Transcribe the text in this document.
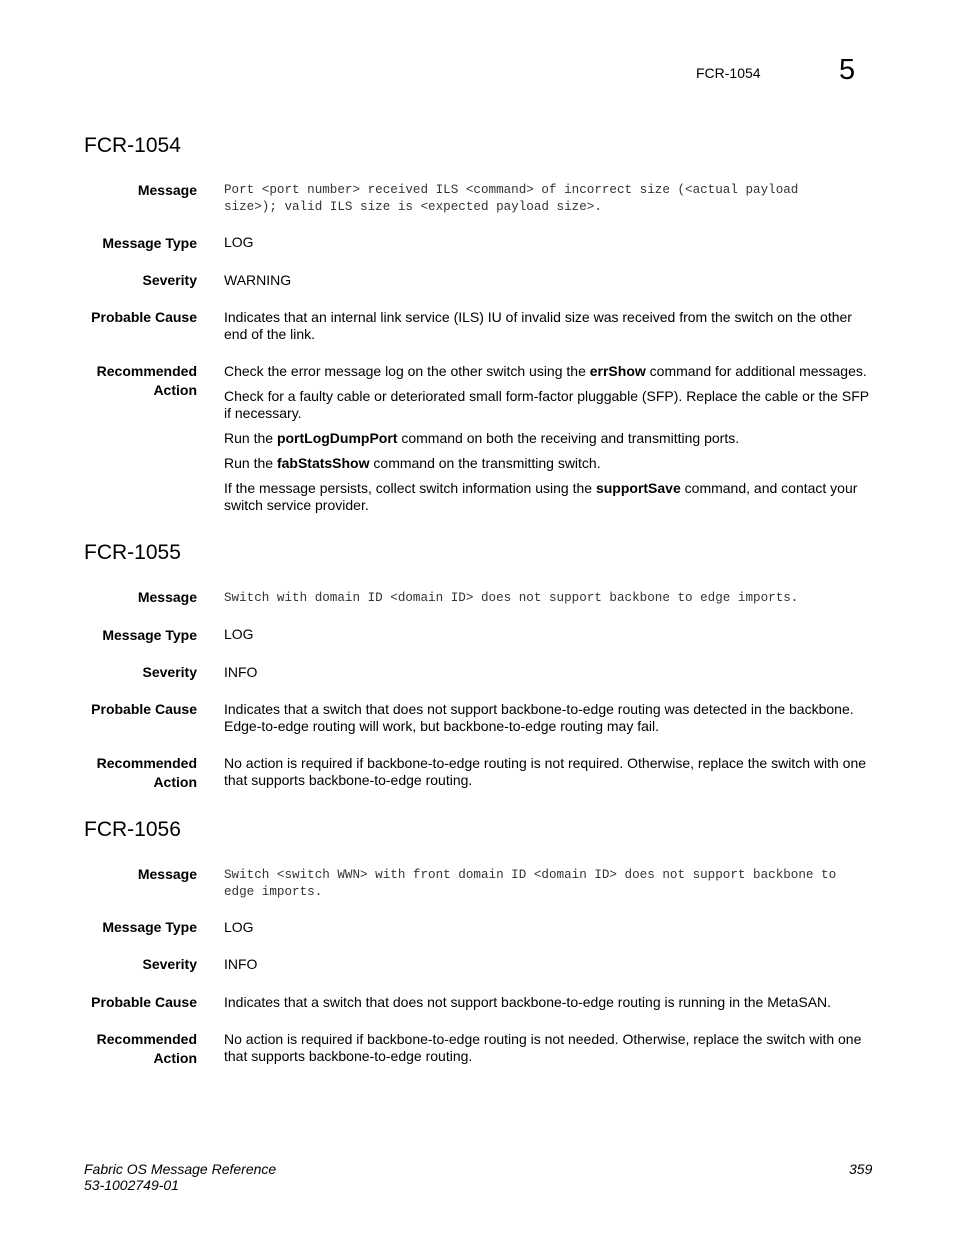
FCR-1054	5
FCR-1054
Message Port <port number> received ILS <command> of incorrect size (<actual payload
size>); valid ILS size is <expected payload size>.
Message Type LOG
Severity WARNING
Probable Cause Indicates that an internal link service (ILS) IU of invalid size was received from the switch on the other end of the link.
Recommended
Action

Check the error message log on the other switch using the errShow command for additional messages.

Check for a faulty cable or deteriorated small form-factor pluggable (SFP). Replace the cable or the SFP if necessary.

Run the portLogDumpPort command on both the receiving and transmitting ports.

Run the fabStatsShow command on the transmitting switch.

If the message persists, collect switch information using the supportSave command, and contact your switch service provider.

FCR-1055
Message Switch with domain ID <domain ID> does not support backbone to edge imports.
Message Type LOG
Severity INFO
Probable Cause Indicates that a switch that does not support backbone-to-edge routing was detected in the backbone. Edge-to-edge routing will work, but backbone-to-edge routing may fail.
Recommended
Action
No action is required if backbone-to-edge routing is not required. Otherwise, replace the switch with one that supports backbone-to-edge routing.
FCR-1056
Message Switch <switch WWN> with front domain ID <domain ID> does not support backbone to
edge imports.
Message Type LOG
Severity INFO
Probable Cause Indicates that a switch that does not support backbone-to-edge routing is running in the MetaSAN.
Recommended
Action
No action is required if backbone-to-edge routing is not needed. Otherwise, replace the switch with one that supports backbone-to-edge routing.
Fabric OS Message Reference
53-1002749-01
359
